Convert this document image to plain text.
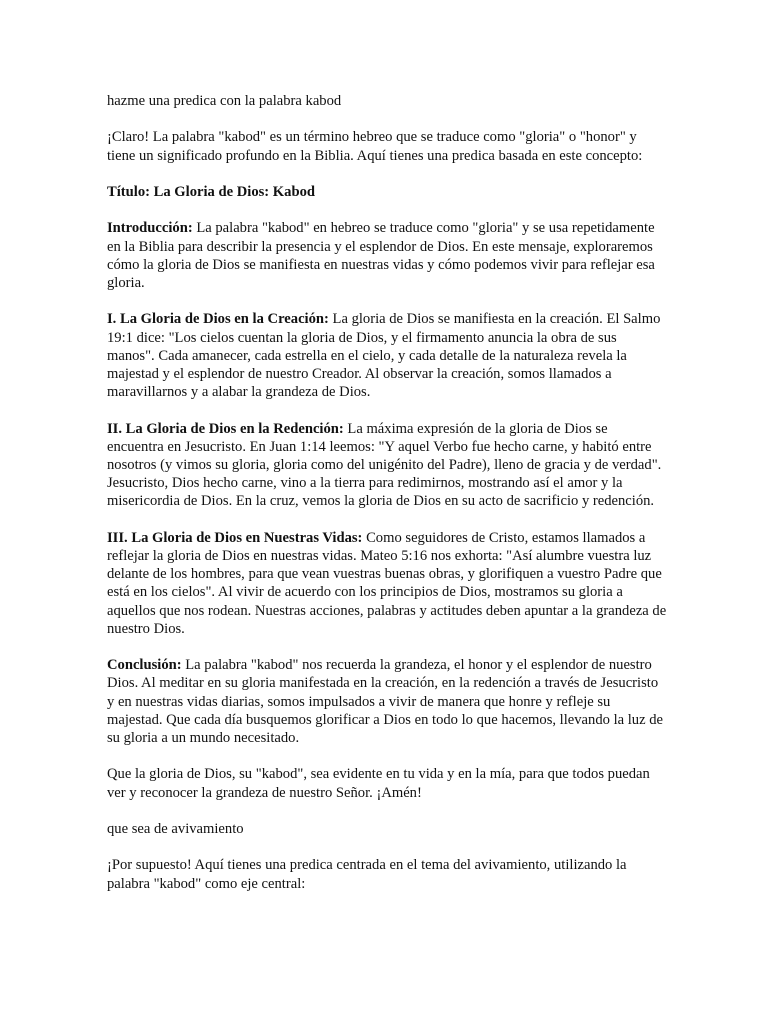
hazme una predica con la palabra kabod

¡Claro! La palabra "kabod" es un término hebreo que se traduce como "gloria" o "honor" y tiene un significado profundo en la Biblia. Aquí tienes una predica basada en este concepto:

Título: La Gloria de Dios: Kabod

Introducción: La palabra "kabod" en hebreo se traduce como "gloria" y se usa repetidamente en la Biblia para describir la presencia y el esplendor de Dios. En este mensaje, exploraremos cómo la gloria de Dios se manifiesta en nuestras vidas y cómo podemos vivir para reflejar esa gloria.

I. La Gloria de Dios en la Creación: La gloria de Dios se manifiesta en la creación. El Salmo 19:1 dice: "Los cielos cuentan la gloria de Dios, y el firmamento anuncia la obra de sus manos". Cada amanecer, cada estrella en el cielo, y cada detalle de la naturaleza revela la majestad y el esplendor de nuestro Creador. Al observar la creación, somos llamados a maravillarnos y a alabar la grandeza de Dios.

II. La Gloria de Dios en la Redención: La máxima expresión de la gloria de Dios se encuentra en Jesucristo. En Juan 1:14 leemos: "Y aquel Verbo fue hecho carne, y habitó entre nosotros (y vimos su gloria, gloria como del unigénito del Padre), lleno de gracia y de verdad". Jesucristo, Dios hecho carne, vino a la tierra para redimirnos, mostrando así el amor y la misericordia de Dios. En la cruz, vemos la gloria de Dios en su acto de sacrificio y redención.

III. La Gloria de Dios en Nuestras Vidas: Como seguidores de Cristo, estamos llamados a reflejar la gloria de Dios en nuestras vidas. Mateo 5:16 nos exhorta: "Así alumbre vuestra luz delante de los hombres, para que vean vuestras buenas obras, y glorifiquen a vuestro Padre que está en los cielos". Al vivir de acuerdo con los principios de Dios, mostramos su gloria a aquellos que nos rodean. Nuestras acciones, palabras y actitudes deben apuntar a la grandeza de nuestro Dios.

Conclusión: La palabra "kabod" nos recuerda la grandeza, el honor y el esplendor de nuestro Dios. Al meditar en su gloria manifestada en la creación, en la redención a través de Jesucristo y en nuestras vidas diarias, somos impulsados a vivir de manera que honre y refleje su majestad. Que cada día busquemos glorificar a Dios en todo lo que hacemos, llevando la luz de su gloria a un mundo necesitado.

Que la gloria de Dios, su "kabod", sea evidente en tu vida y en la mía, para que todos puedan ver y reconocer la grandeza de nuestro Señor. ¡Amén!

que sea de avivamiento

¡Por supuesto! Aquí tienes una predica centrada en el tema del avivamiento, utilizando la palabra "kabod" como eje central:
